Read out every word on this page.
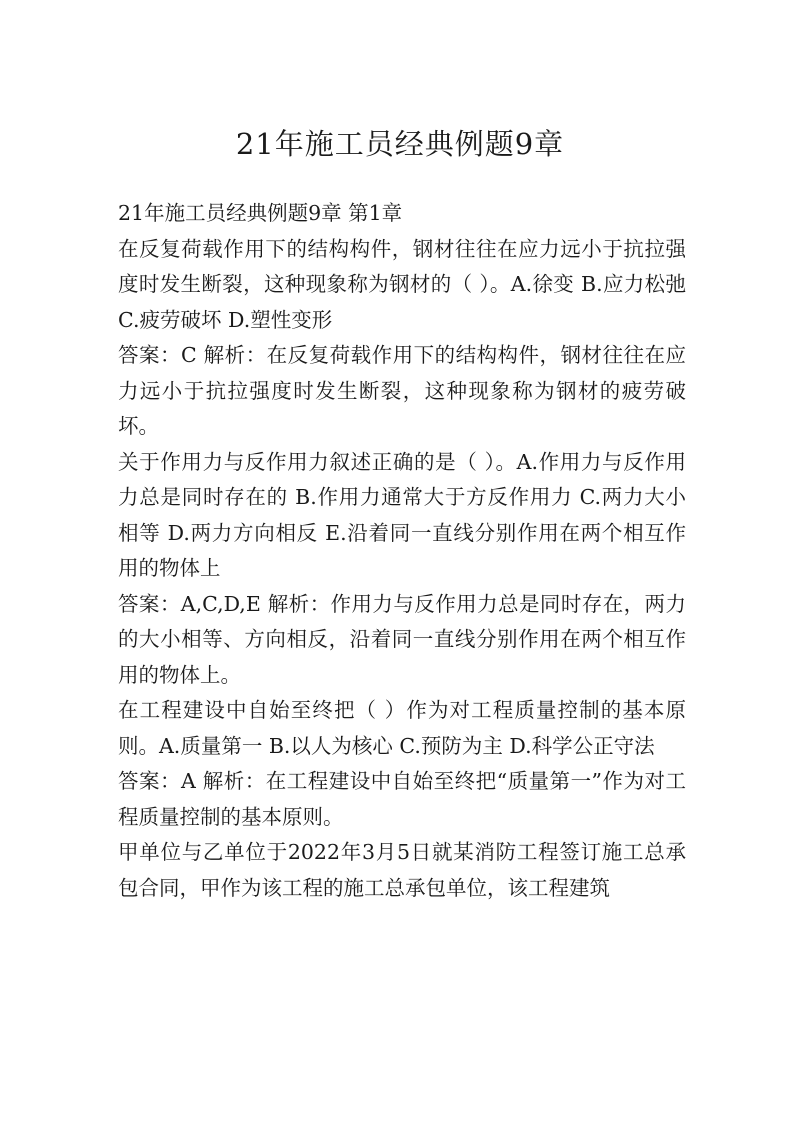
21年施工员经典例题9章

21年施工员经典例题9章 第1章

在反复荷载作用下的结构构件，钢材往往在应力远小于抗拉强度时发生断裂，这种现象称为钢材的（ ）。A.徐变 B.应力松弛 C.疲劳破坏 D.塑性变形

答案：C 解析：在反复荷载作用下的结构构件，钢材往往在应力远小于抗拉强度时发生断裂，这种现象称为钢材的疲劳破坏。

关于作用力与反作用力叙述正确的是（ ）。A.作用力与反作用力总是同时存在的 B.作用力通常大于方反作用力 C.两力大小相等 D.两力方向相反 E.沿着同一直线分别作用在两个相互作用的物体上

答案：A,C,D,E 解析：作用力与反作用力总是同时存在，两力的大小相等、方向相反，沿着同一直线分别作用在两个相互作用的物体上。

在工程建设中自始至终把（ ）作为对工程质量控制的基本原则。A.质量第一 B.以人为核心 C.预防为主 D.科学公正守法

答案：A 解析：在工程建设中自始至终把“质量第一”作为对工程质量控制的基本原则。

甲单位与乙单位于2022年3月5日就某消防工程签订施工总承包合同，甲作为该工程的施工总承包单位，该工程建筑
